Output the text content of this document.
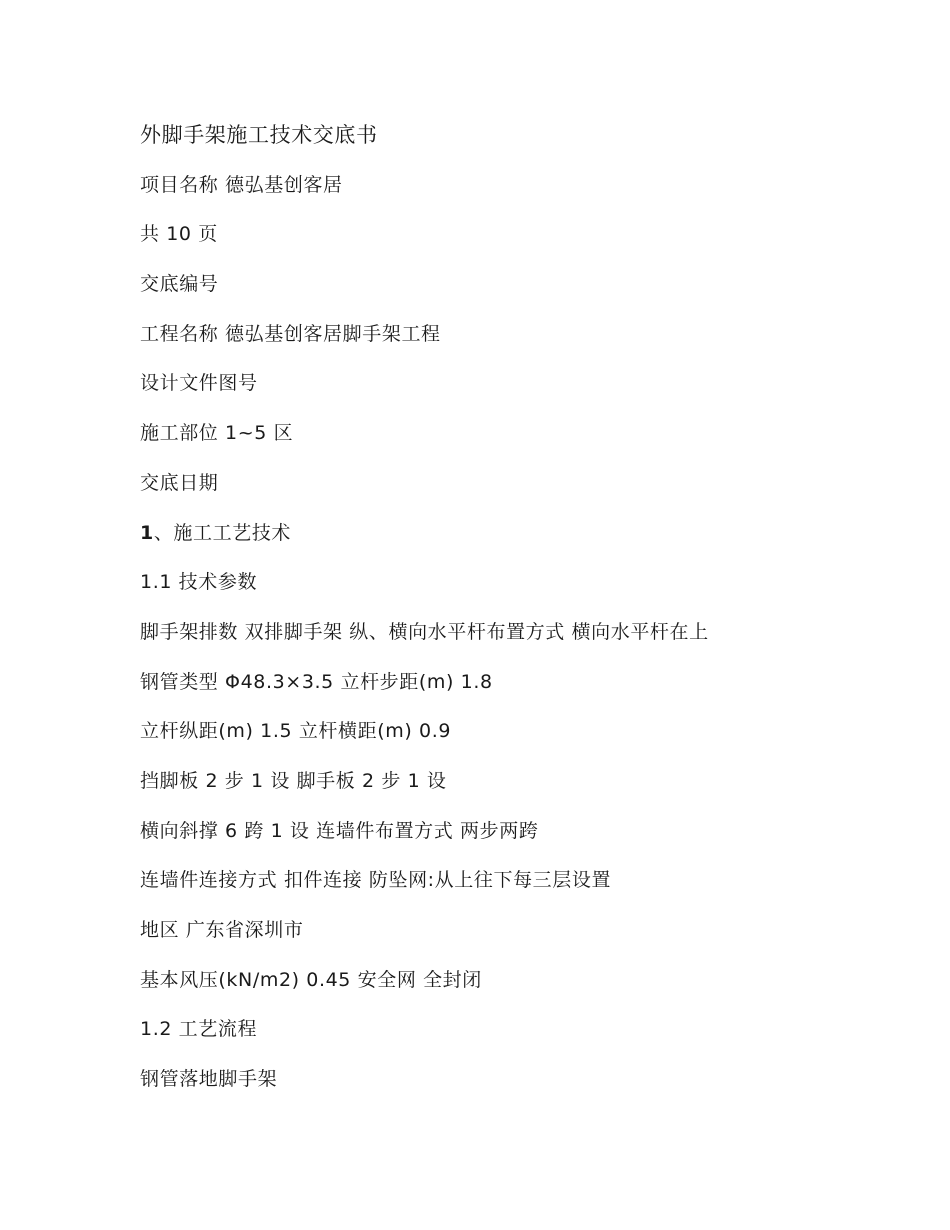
外脚手架施工技术交底书
项目名称 德弘基创客居
共 10 页
交底编号
工程名称 德弘基创客居脚手架工程
设计文件图号
施工部位 1~5 区
交底日期
1、施工工艺技术
1.1 技术参数
脚手架排数 双排脚手架 纵、横向水平杆布置方式 横向水平杆在上
钢管类型 Φ48.3×3.5 立杆步距(m) 1.8
立杆纵距(m) 1.5 立杆横距(m) 0.9
挡脚板 2 步 1 设 脚手板 2 步 1 设
横向斜撑 6 跨 1 设 连墙件布置方式 两步两跨
连墙件连接方式 扣件连接 防坠网:从上往下每三层设置
地区 广东省深圳市
基本风压(kN/m2) 0.45 安全网 全封闭
1.2 工艺流程
钢管落地脚手架
